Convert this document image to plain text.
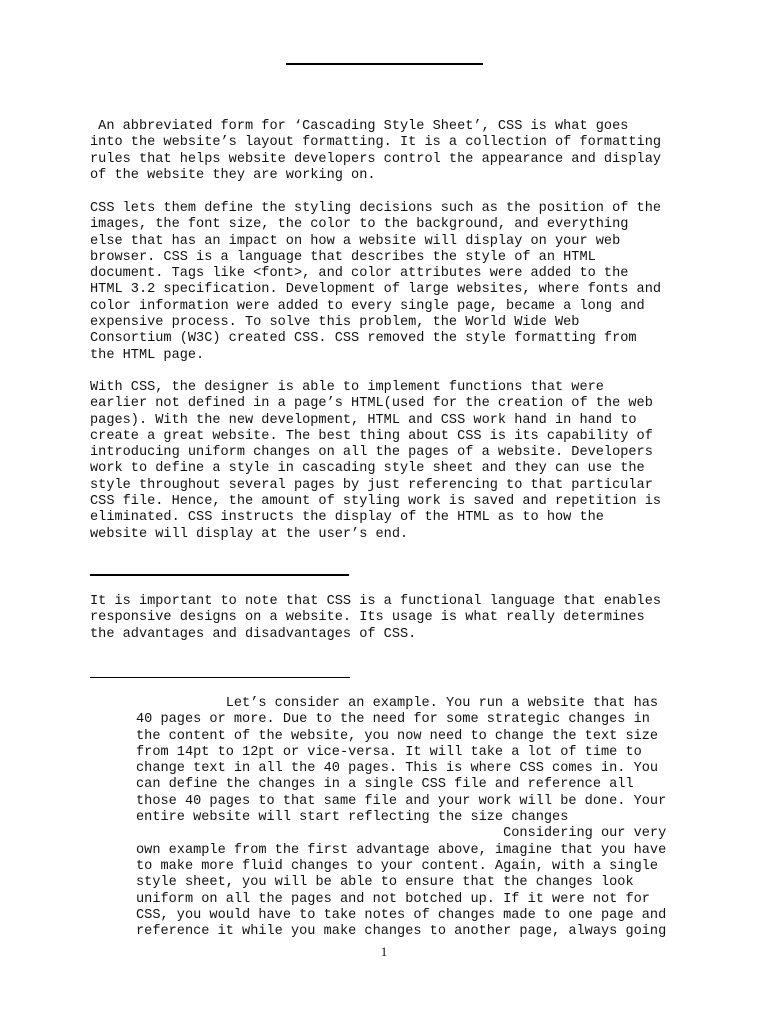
An abbreviated form for ‘Cascading Style Sheet’, CSS is what goes
into the website’s layout formatting. It is a collection of formatting
rules that helps website developers control the appearance and display
of the website they are working on.

CSS lets them define the styling decisions such as the position of the
images, the font size, the color to the background, and everything
else that has an impact on how a website will display on your web
browser. CSS is a language that describes the style of an HTML
document. Tags like <font>, and color attributes were added to the
HTML 3.2 specification. Development of large websites, where fonts and
color information were added to every single page, became a long and
expensive process. To solve this problem, the World Wide Web
Consortium (W3C) created CSS. CSS removed the style formatting from
the HTML page.

With CSS, the designer is able to implement functions that were
earlier not defined in a page’s HTML(used for the creation of the web
pages). With the new development, HTML and CSS work hand in hand to
create a great website. The best thing about CSS is its capability of
introducing uniform changes on all the pages of a website. Developers
work to define a style in cascading style sheet and they can use the
style throughout several pages by just referencing to that particular
CSS file. Hence, the amount of styling work is saved and repetition is
eliminated. CSS instructs the display of the HTML as to how the
website will display at the user’s end.

It is important to note that CSS is a functional language that enables
responsive designs on a website. Its usage is what really determines
the advantages and disadvantages of CSS.

Let’s consider an example. You run a website that has
40 pages or more. Due to the need for some strategic changes in
the content of the website, you now need to change the text size
from 14pt to 12pt or vice-versa. It will take a lot of time to
change text in all the 40 pages. This is where CSS comes in. You
can define the changes in a single CSS file and reference all
those 40 pages to that same file and your work will be done. Your
entire website will start reflecting the size changes
Considering our very
own example from the first advantage above, imagine that you have
to make more fluid changes to your content. Again, with a single
style sheet, you will be able to ensure that the changes look
uniform on all the pages and not botched up. If it were not for
CSS, you would have to take notes of changes made to one page and
reference it while you make changes to another page, always going

1
